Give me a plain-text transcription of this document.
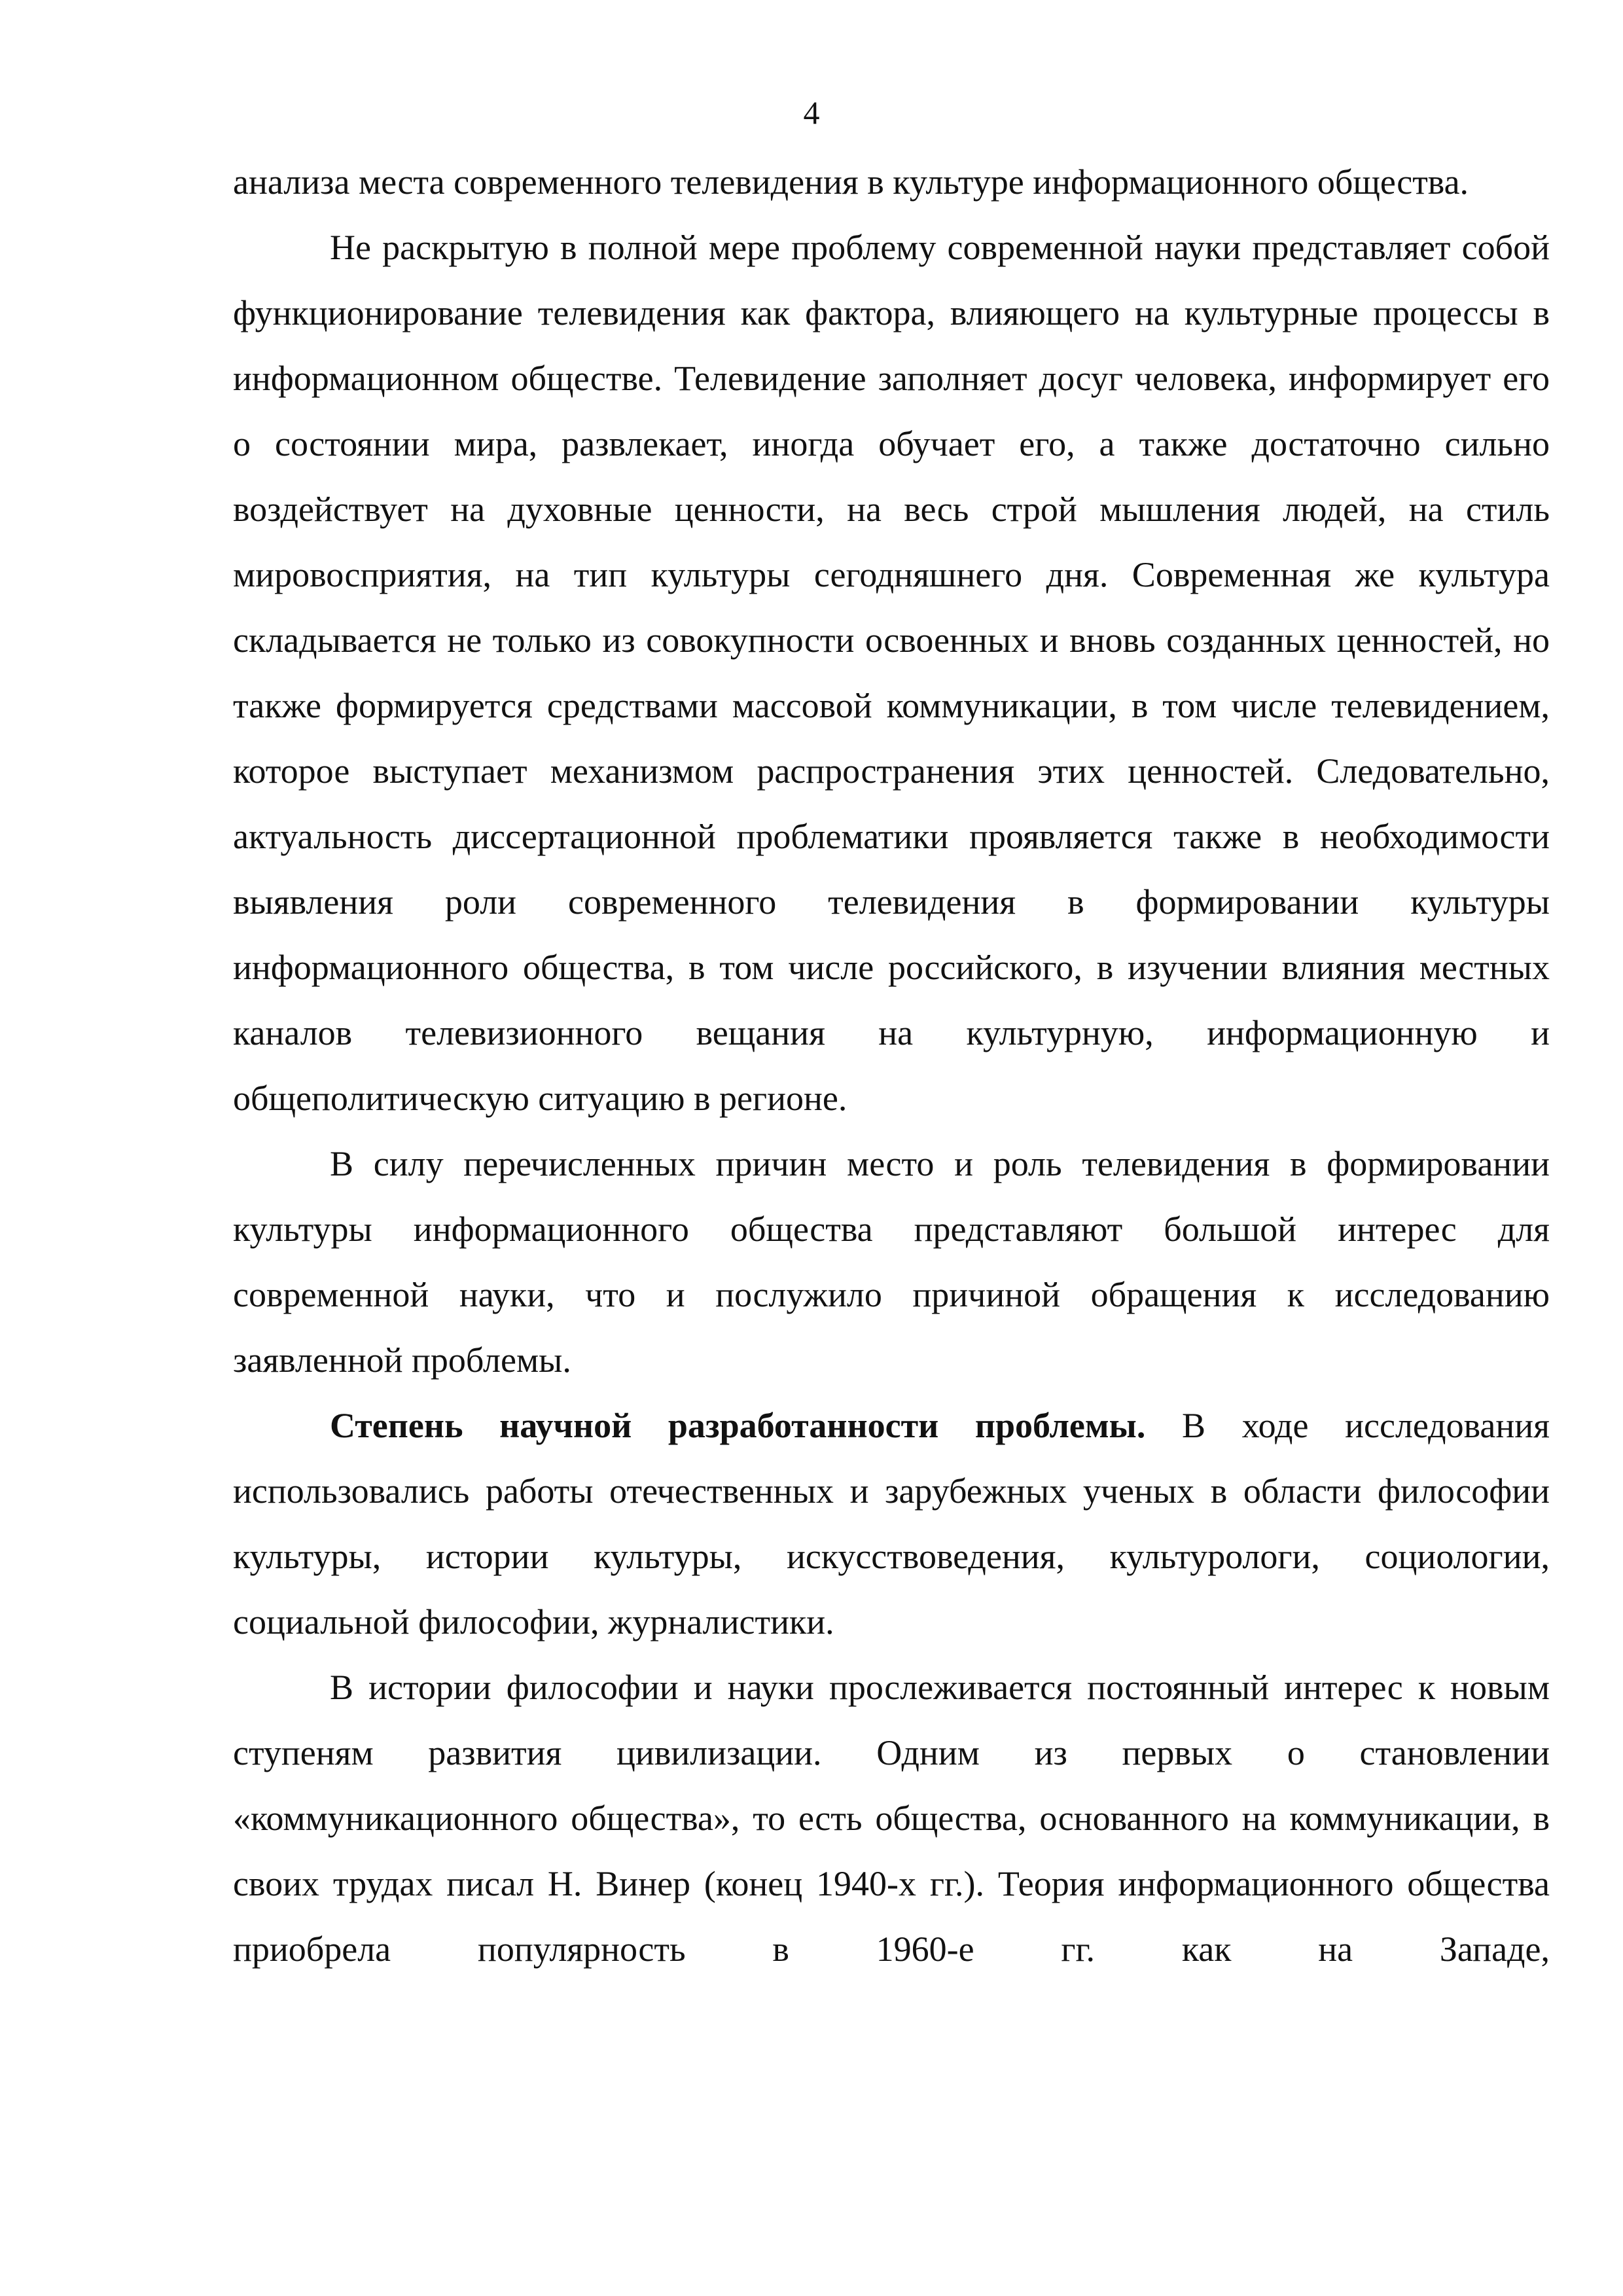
4

анализа места современного телевидения в культуре информационного общества.

Не раскрытую в полной мере проблему современной науки представляет собой функционирование телевидения как фактора, влияющего на культурные процессы в информационном обществе. Телевидение заполняет досуг человека, информирует его о состоянии мира, развлекает, иногда обучает его, а также достаточно сильно воздействует на духовные ценности, на весь строй мышления людей, на стиль мировосприятия, на тип культуры сегодняшнего дня. Современная же культура складывается не только из совокупности освоенных и вновь созданных ценностей, но также формируется средствами массовой коммуникации, в том числе телевидением, которое выступает механизмом распространения этих ценностей. Следовательно, актуальность диссертационной проблематики проявляется также в необходимости выявления роли современного телевидения в формировании культуры информационного общества, в том числе российского, в изучении влияния местных каналов телевизионного вещания на культурную, информационную и общеполитическую ситуацию в регионе.

В силу перечисленных причин место и роль телевидения в формировании культуры информационного общества представляют большой интерес для современной науки, что и послужило причиной обращения к исследованию заявленной проблемы.

Степень научной разработанности проблемы. В ходе исследования использовались работы отечественных и зарубежных ученых в области философии культуры, истории культуры, искусствоведения, культурологи, социологии, социальной философии, журналистики.

В истории философии и науки прослеживается постоянный интерес к новым ступеням развития цивилизации. Одним из первых о становлении «коммуникационного общества», то есть общества, основанного на коммуникации, в своих трудах писал Н. Винер (конец 1940-х гг.). Теория информационного общества приобрела популярность в 1960-е гг. как на Западе,
